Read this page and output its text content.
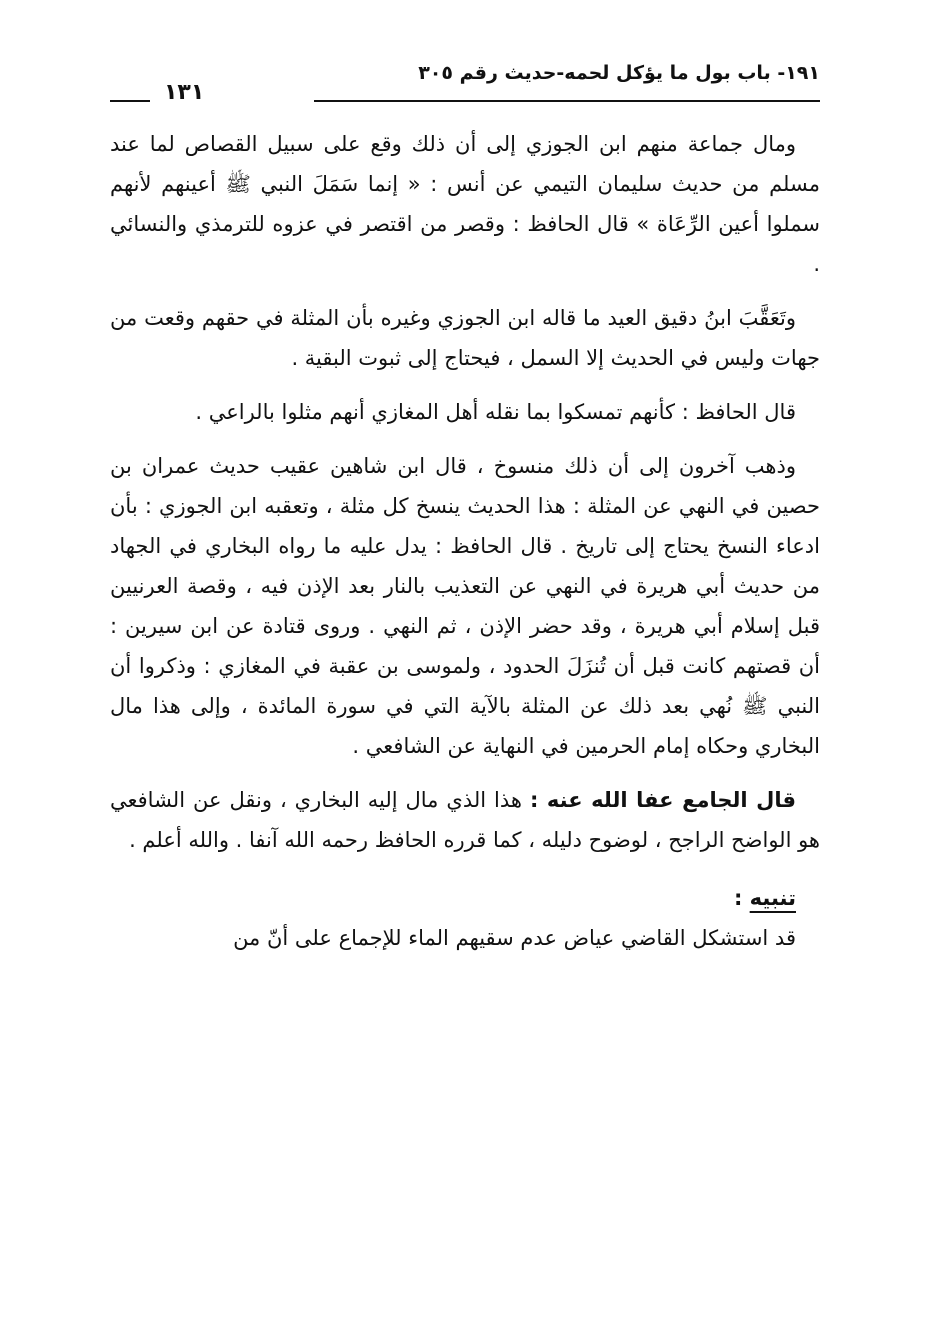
١٩١- باب بول ما يؤكل لحمه-حديث رقم ٣٠٥
١٣١

ومال جماعة منهم ابن الجوزي إلى أن ذلك وقع على سبيل القصاص لما عند مسلم من حديث سليمان التيمي عن أنس : « إنما سَمَلَ النبي ﷺ أعينهم لأنهم سملوا أعين الرِّعَاة » قال الحافظ : وقصر من اقتصر في عزوه للترمذي والنسائي .

وتَعَقَّبَ ابنُ دقيق العيد ما قاله ابن الجوزي وغيره بأن المثلة في حقهم وقعت من جهات وليس في الحديث إلا السمل ، فيحتاج إلى ثبوت البقية .

قال الحافظ : كأنهم تمسكوا بما نقله أهل المغازي أنهم مثلوا بالراعي .

وذهب آخرون إلى أن ذلك منسوخ ، قال ابن شاهين عقيب حديث عمران بن حصين في النهي عن المثلة : هذا الحديث ينسخ كل مثلة ، وتعقبه ابن الجوزي : بأن ادعاء النسخ يحتاج إلى تاريخ . قال الحافظ : يدل عليه ما رواه البخاري في الجهاد من حديث أبي هريرة في النهي عن التعذيب بالنار بعد الإذن فيه ، وقصة العرنيين قبل إسلام أبي هريرة ، وقد حضر الإذن ، ثم النهي . وروى قتادة عن ابن سيرين : أن قصتهم كانت قبل أن تُنزَلَ الحدود ، ولموسى بن عقبة في المغازي : وذكروا أن النبي ﷺ نُهي بعد ذلك عن المثلة بالآية التي في سورة المائدة ، وإلى هذا مال البخاري وحكاه إمام الحرمين في النهاية عن الشافعي .

قال الجامع عفا الله عنه : هذا الذي مال إليه البخاري ، ونقل عن الشافعي هو الواضح الراجح ، لوضوح دليله ، كما قرره الحافظ رحمه الله آنفا . والله أعلم .

تنبيه :

قد استشكل القاضي عياض عدم سقيهم الماء للإجماع على أنّ من
